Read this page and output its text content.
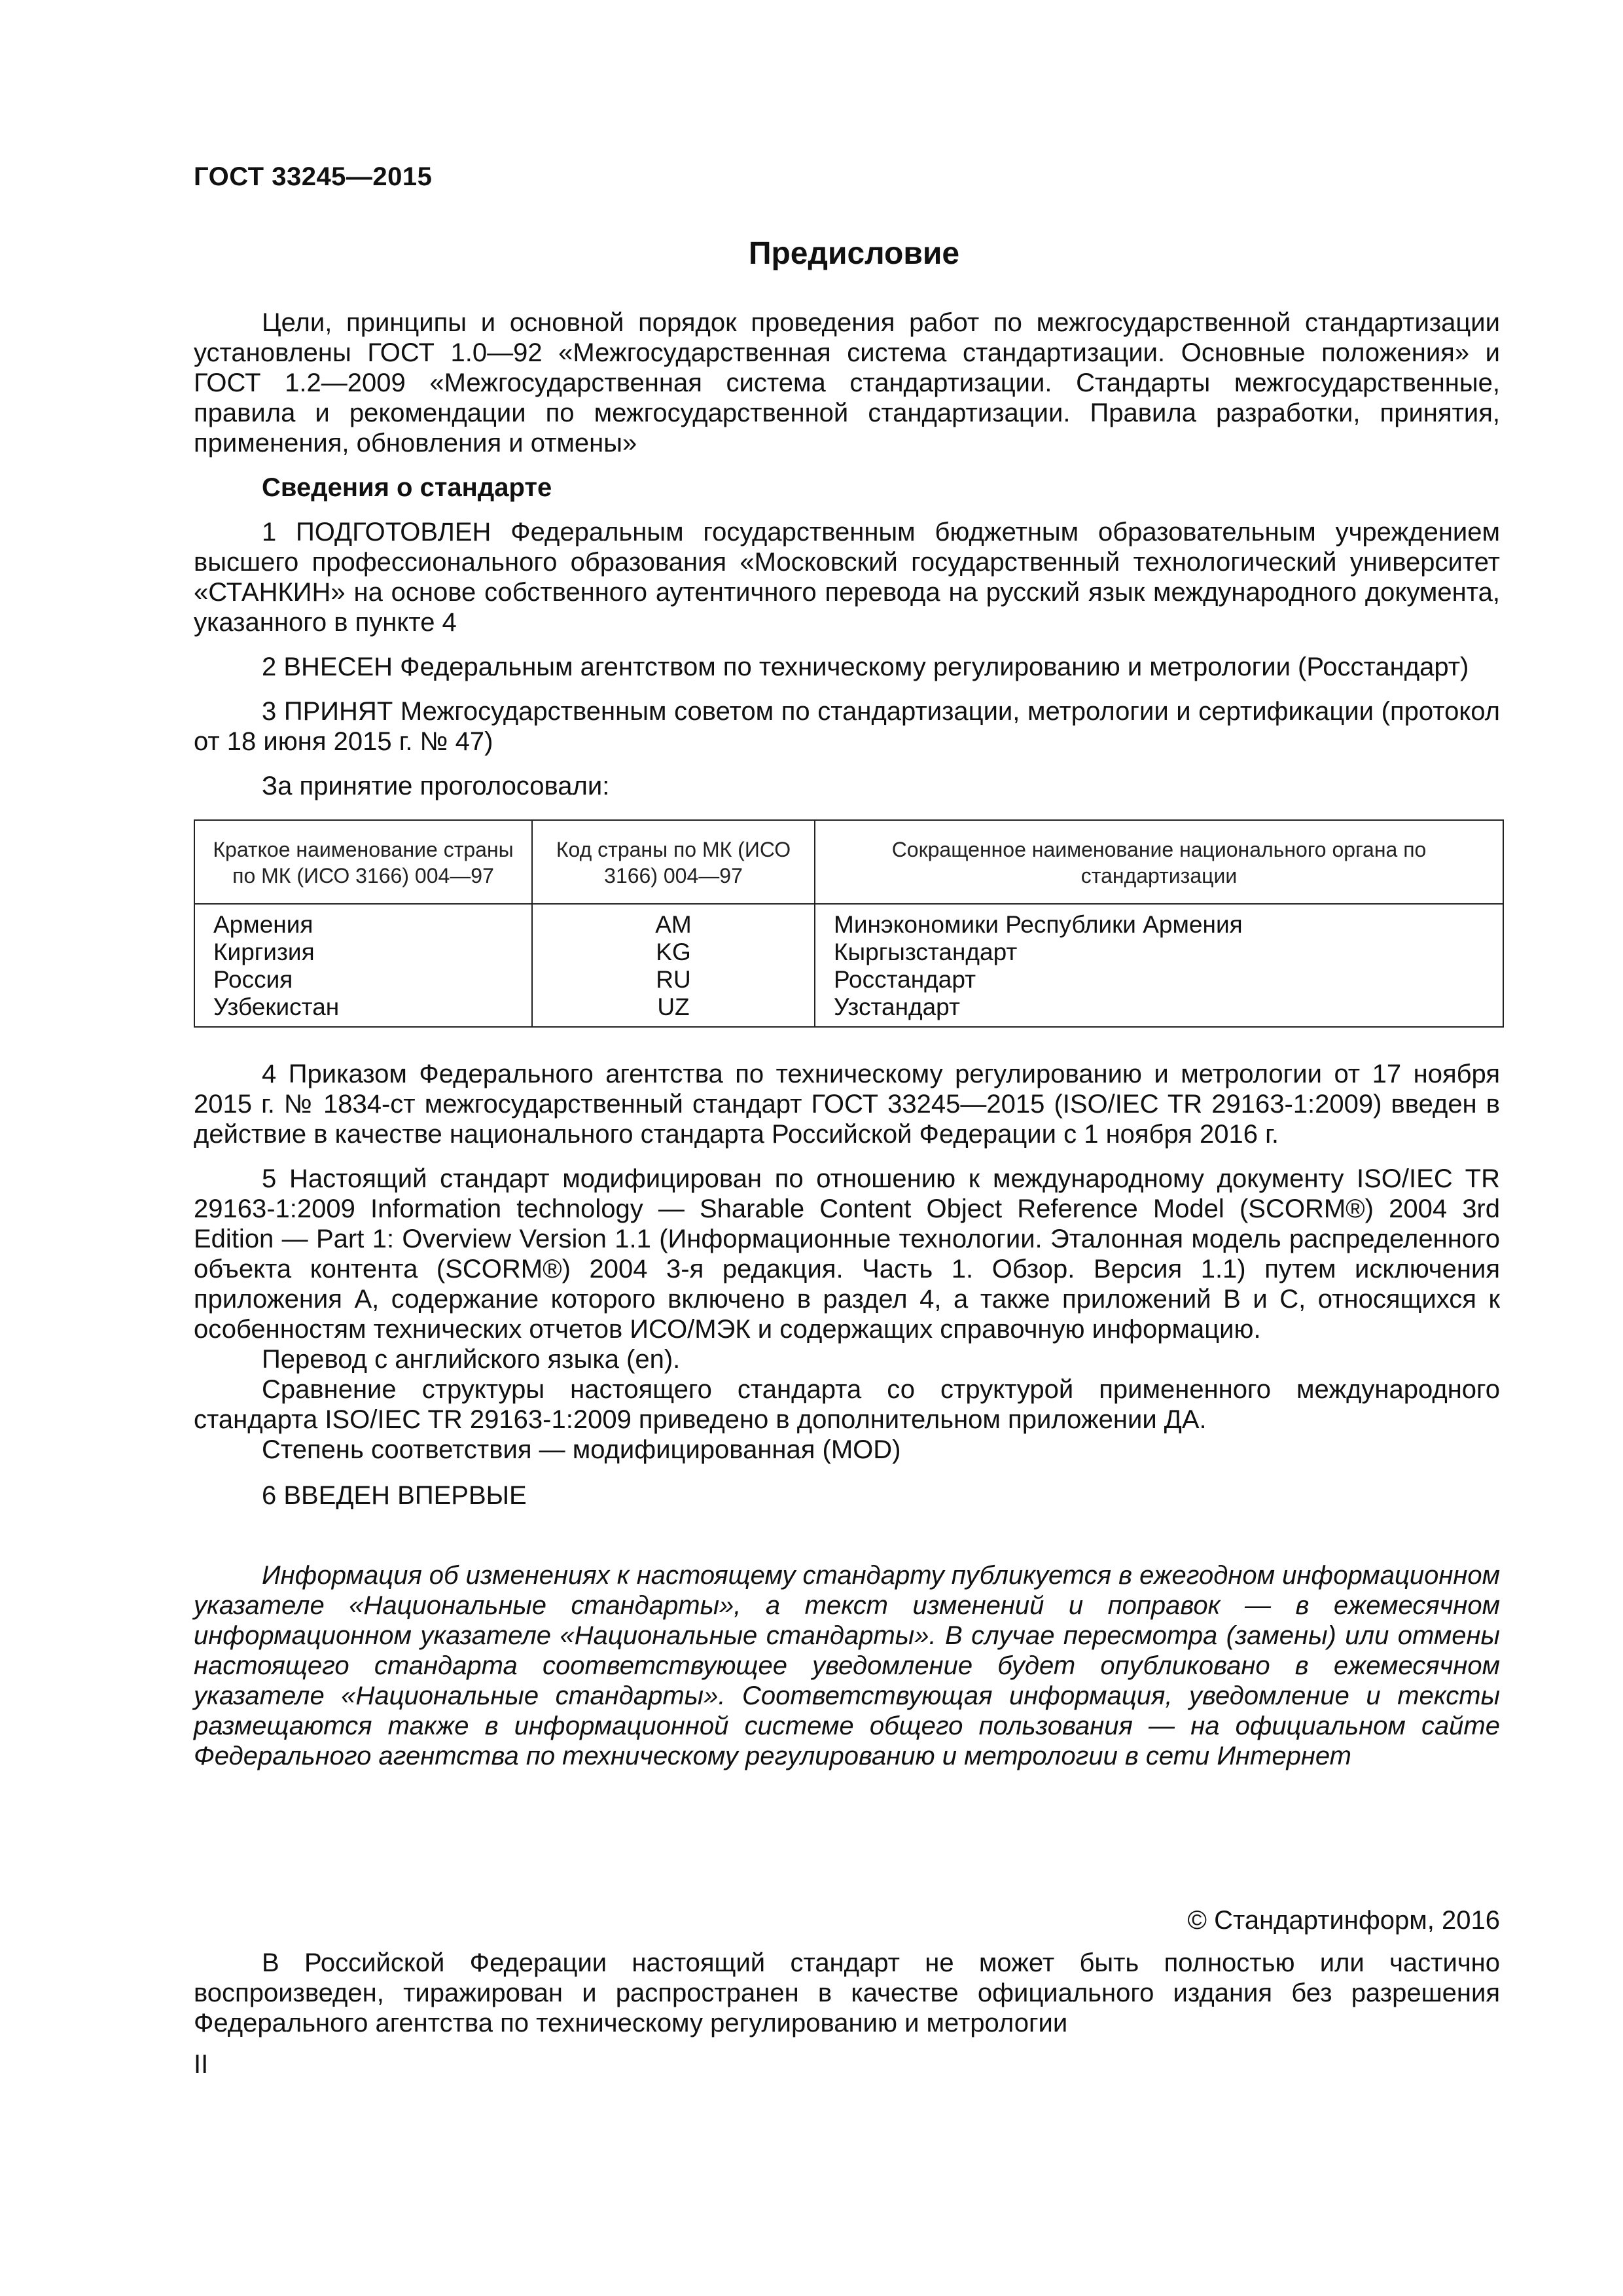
ГОСТ 33245—2015
Предисловие

Цели, принципы и основной порядок проведения работ по межгосударственной стандартизации установлены ГОСТ 1.0—92 «Межгосударственная система стандартизации. Основные положения» и ГОСТ 1.2—2009 «Межгосударственная система стандартизации. Стандарты межгосударственные, правила и рекомендации по межгосударственной стандартизации. Правила разработки, принятия, применения, обновления и отмены»

Сведения о стандарте

1 ПОДГОТОВЛЕН Федеральным государственным бюджетным образовательным учреждением высшего профессионального образования «Московский государственный технологический университет «СТАНКИН» на основе собственного аутентичного перевода на русский язык международного документа, указанного в пункте 4

2 ВНЕСЕН Федеральным агентством по техническому регулированию и метрологии (Росстандарт)

3 ПРИНЯТ Межгосударственным советом по стандартизации, метрологии и сертификации (протокол от 18 июня 2015 г. № 47)

За принятие проголосовали:

Краткое наименование страны по МК (ИСО 3166) 004—97	Код страны по МК (ИСО 3166) 004—97	Сокращенное наименование национального органа по стандартизации
Армения	AM	Минэкономики Республики Армения
Киргизия	KG	Кыргызстандарт
Россия	RU	Росстандарт
Узбекистан	UZ	Узстандарт

4 Приказом Федерального агентства по техническому регулированию и метрологии от 17 ноября 2015 г. № 1834-ст межгосударственный стандарт ГОСТ 33245—2015 (ISO/IEC TR 29163-1:2009) введен в действие в качестве национального стандарта Российской Федерации с 1 ноября 2016 г.

5 Настоящий стандарт модифицирован по отношению к международному документу ISO/IEC TR 29163-1:2009 Information technology — Sharable Content Object Reference Model (SCORM®) 2004 3rd Edition — Part 1: Overview Version 1.1 (Информационные технологии. Эталонная модель распределенного объекта контента (SCORM®) 2004 3-я редакция. Часть 1. Обзор. Версия 1.1) путем исключения приложения А, содержание которого включено в раздел 4, а также приложений В и С, относящихся к особенностям технических отчетов ИСО/МЭК и содержащих справочную информацию.

Перевод с английского языка (en).

Сравнение структуры настоящего стандарта со структурой примененного международного стандарта ISO/IEC TR 29163-1:2009 приведено в дополнительном приложении ДА.

Степень соответствия — модифицированная (MOD)

6 ВВЕДЕН ВПЕРВЫЕ

Информация об изменениях к настоящему стандарту публикуется в ежегодном информационном указателе «Национальные стандарты», а текст изменений и поправок — в ежемесячном информационном указателе «Национальные стандарты». В случае пересмотра (замены) или отмены настоящего стандарта соответствующее уведомление будет опубликовано в ежемесячном указателе «Национальные стандарты». Соответствующая информация, уведомление и тексты размещаются также в информационной системе общего пользования — на официальном сайте Федерального агентства по техническому регулированию и метрологии в сети Интернет

© Стандартинформ, 2016

В Российской Федерации настоящий стандарт не может быть полностью или частично воспроизведен, тиражирован и распространен в качестве официального издания без разрешения Федерального агентства по техническому регулированию и метрологии

II
